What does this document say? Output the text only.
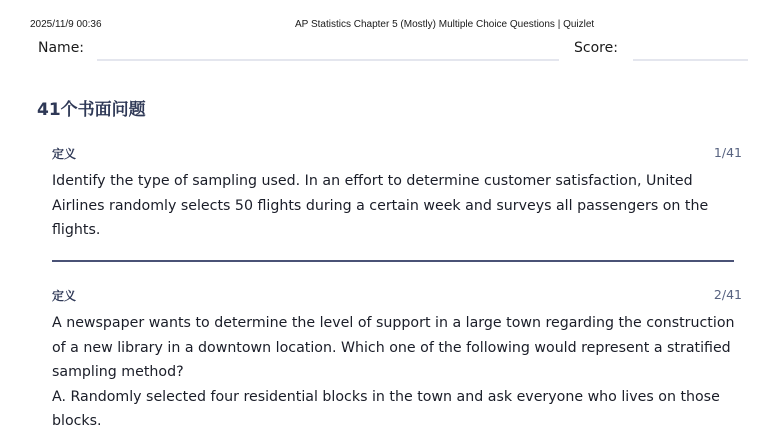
2025/11/9 00:36	AP Statistics Chapter 5 (Mostly) Multiple Choice Questions | Quizlet
Name:	Score:
41个书面问题
定义	1/41
Identify the type of sampling used. In an effort to determine customer satisfaction, United Airlines randomly selects 50 flights during a certain week and surveys all passengers on the flights.
定义	2/41
A newspaper wants to determine the level of support in a large town regarding the construction of a new library in a downtown location. Which one of the following would represent a stratified sampling method?
A. Randomly selected four residential blocks in the town and ask everyone who lives on those blocks.
